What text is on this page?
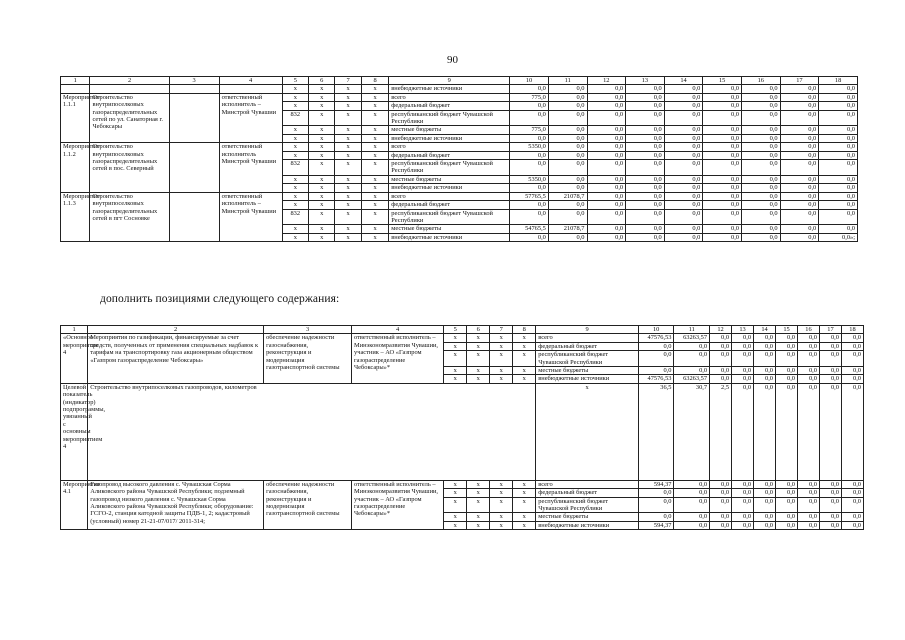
90
1	2	3	4	5	6	7	8	9	10	11	12	13	14	15	16	17	18
				х	х	х	х	внебюджетные источники	0,0	0,0	0,0	0,0	0,0	0,0	0,0	0,0	0,0
Мероприятие 1.1.1	Строительство внутрипоселковых газораспределительных сетей по ул. Санаторная г. Чебоксары		ответственный исполнитель – Минстрой Чувашии	х	х	х	х	всего	775,0	0,0	0,0	0,0	0,0	0,0	0,0	0,0	0,0
				х	х	х	х	федеральный бюджет	0,0	0,0	0,0	0,0	0,0	0,0	0,0	0,0	0,0
				832	х	х	х	республиканский бюджет Чувашской Республики	0,0	0,0	0,0	0,0	0,0	0,0	0,0	0,0	0,0
				х	х	х	х	местные бюджеты	775,0	0,0	0,0	0,0	0,0	0,0	0,0	0,0	0,0
				х	х	х	х	внебюджетные источники	0,0	0,0	0,0	0,0	0,0	0,0	0,0	0,0	0,0
Мероприятие 1.1.2	Строительство внутрипоселковых газораспределительных сетей в пос. Северный		ответственный исполнитель Минстрой Чувашии	х	х	х	х	всего	5350,0	0,0	0,0	0,0	0,0	0,0	0,0	0,0	0,0
				х	х	х	х	федеральный бюджет	0,0	0,0	0,0	0,0	0,0	0,0	0,0	0,0	0,0
				832	х	х	х	республиканский бюджет Чувашской Республики	0,0	0,0	0,0	0,0	0,0	0,0	0,0	0,0	0,0
				х	х	х	х	местные бюджеты	5350,0	0,0	0,0	0,0	0,0	0,0	0,0	0,0	0,0
				х	х	х	х	внебюджетные источники	0,0	0,0	0,0	0,0	0,0	0,0	0,0	0,0	0,0
Мероприятие 1.1.3	Строительство внутрипоселковых газораспределительных сетей в пгт Сосновке		ответственный исполнитель – Минстрой Чувашии	х	х	х	х	всего	57765,5	21078,7	0,0	0,0	0,0	0,0	0,0	0,0	0,0
				х	х	х	х	федеральный бюджет	0,0	0,0	0,0	0,0	0,0	0,0	0,0	0,0	0,0
				832	х	х	х	республиканский бюджет Чувашской Республики	0,0	0,0	0,0	0,0	0,0	0,0	0,0	0,0	0,0
				х	х	х	х	местные бюджеты	54765,5	21078,7	0,0	0,0	0,0	0,0	0,0	0,0	0,0
				х	х	х	х	внебюджетные источники	0,0	0,0	0,0	0,0	0,0	0,0	0,0	0,0	0,0»;
дополнить позициями следующего содержания:
1	2	3	4	5	6	7	8	9	10	11	12	13	14	15	16	17	18
«Основное мероприятие 4	Мероприятия по газификации, финансируемые за счет средств, полученных от применения специальных надбавок к тарифам на транспортировку газа акционерным обществом «Газпром газораспределение Чебоксары»	обеспечение надежности газоснабжения, реконструкция и модернизация газотранспортной системы	ответственный исполнитель – Минэкономразвития Чувашии, участник – АО «Газпром газораспределение Чебоксары»*	х	х	х	х	всего	47576,53	63263,57	0,0	0,0	0,0	0,0	0,0	0,0	0,0
				х	х	х	х	федеральный бюджет	0,0	0,0	0,0	0,0	0,0	0,0	0,0	0,0	0,0
				х	х	х	х	республиканский бюджет Чувашской Республики	0,0	0,0	0,0	0,0	0,0	0,0	0,0	0,0	0,0
				х	х	х	х	местные бюджеты	0,0	0,0	0,0	0,0	0,0	0,0	0,0	0,0	0,0
				х	х	х	х	внебюджетные источники	47576,53	63263,57	0,0	0,0	0,0	0,0	0,0	0,0	0,0
Целевой показатель (индикатор) подпрограммы, увязанный с основным мероприятием 4	Строительство внутрипоселковых газопроводов, километров							х	36,5	30,7	2,5	0,0	0,0	0,0	0,0	0,0	0,0
Мероприятие 4.1	Газопровод высокого давления с. Чувашская Сорма Аликовского района Чувашской Республики; подземный газопровод низкого давления с. Чувашская Сорма Аликовского района Чувашской Республики; оборудование: ГСГО-2, станция катодной защиты ПДВ-1, 2; кадастровый (условный) номер 21-21-07/017/ 2011-314;	обеспечение надежности газоснабжения, реконструкция и модернизация газотранспортной системы	ответственный исполнитель – Минэкономразвития Чувашии, участник – АО «Газпром газораспределение Чебоксары»*	х	х	х	х	всего	594,37	0,0	0,0	0,0	0,0	0,0	0,0	0,0	0,0
				х	х	х	х	федеральный бюджет	0,0	0,0	0,0	0,0	0,0	0,0	0,0	0,0	0,0
				х	х	х	х	республиканский бюджет Чувашской Республики	0,0	0,0	0,0	0,0	0,0	0,0	0,0	0,0	0,0
				х	х	х	х	местные бюджеты	0,0	0,0	0,0	0,0	0,0	0,0	0,0	0,0	0,0
				х	х	х	х	внебюджетные источники	594,37	0,0	0,0	0,0	0,0	0,0	0,0	0,0	0,0
